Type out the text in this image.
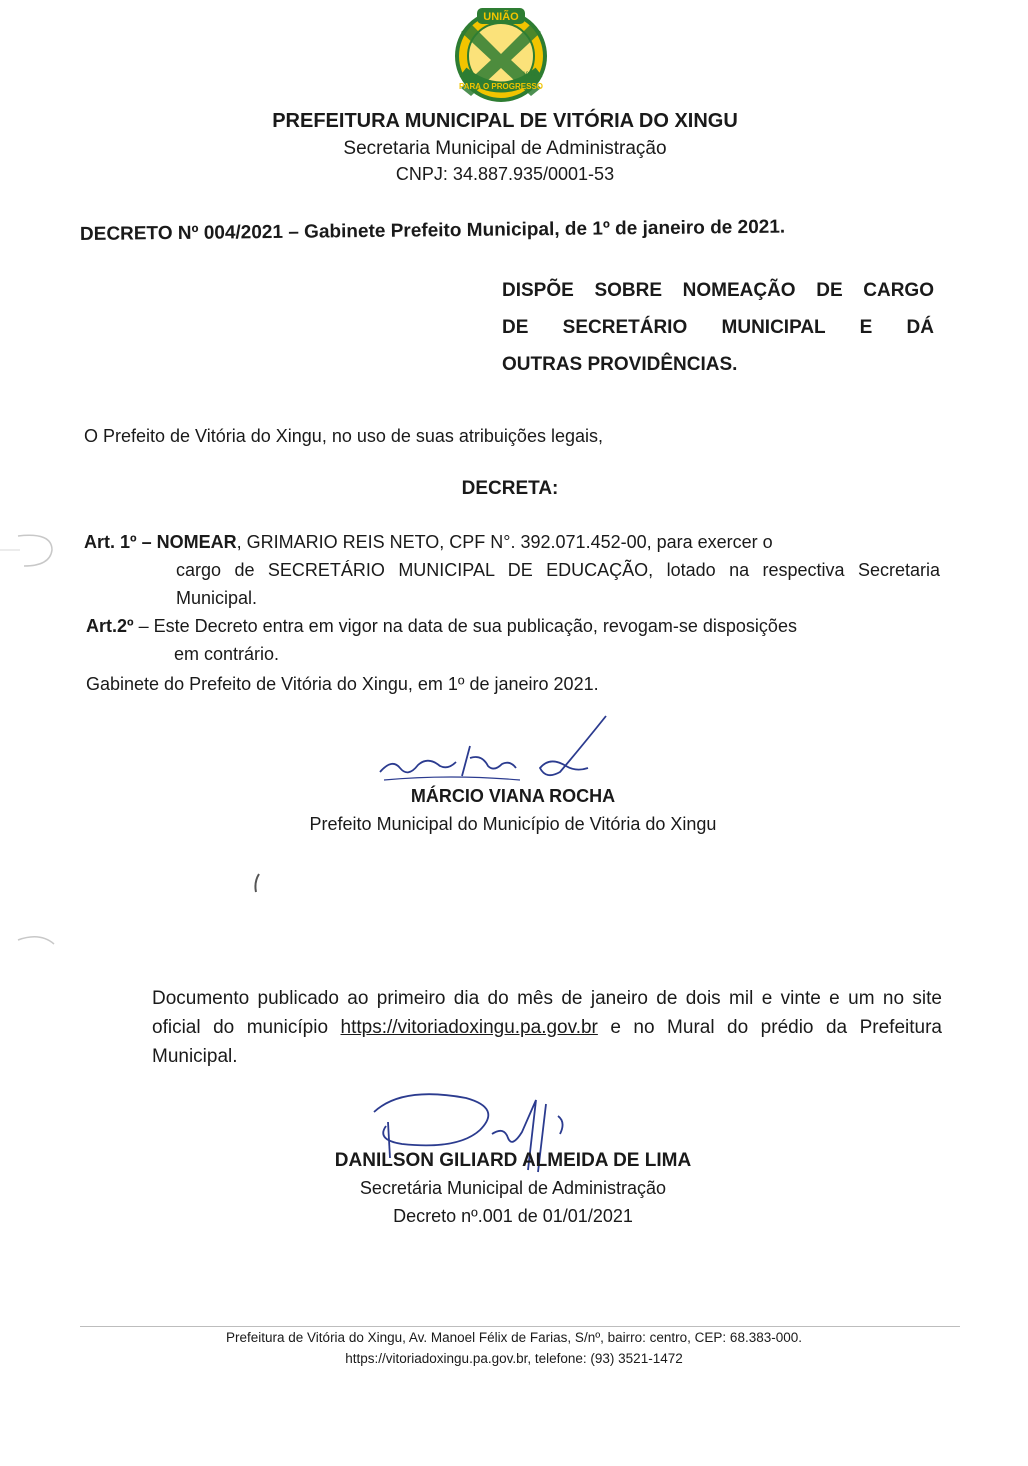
UNIÃO
PARA O PROGRESSO
1993
PREFEITURA MUNICIPAL DE VITÓRIA DO XINGU
Secretaria Municipal de Administração
CNPJ: 34.887.935/0001-53
DECRETO Nº 004/2021 – Gabinete Prefeito Municipal, de 1º de janeiro de 2021.
DISPÕE SOBRE NOMEAÇÃO DE CARGO
DE SECRETÁRIO MUNICIPAL E DÁ
OUTRAS PROVIDÊNCIAS.
O Prefeito de Vitória do Xingu, no uso de suas atribuições legais,
DECRETA:
Art. 1º – NOMEAR, GRIMARIO REIS NETO, CPF N°. 392.071.452-00, para exercer o
cargo de SECRETÁRIO MUNICIPAL DE EDUCAÇÃO, lotado na respectiva Secretaria Municipal.
Art.2º – Este Decreto entra em vigor na data de sua publicação, revogam-se disposições
em contrário.
Gabinete do Prefeito de Vitória do Xingu, em 1º de janeiro 2021.
MÁRCIO VIANA ROCHA
Prefeito Municipal do Município de Vitória do Xingu
Documento publicado ao primeiro dia do mês de janeiro de dois mil e vinte e um no site oficial do município https://vitoriadoxingu.pa.gov.br e no Mural do prédio da Prefeitura Municipal.
DANILSON GILIARD ALMEIDA DE LIMA
Secretária Municipal de Administração
Decreto nº.001 de 01/01/2021
Prefeitura de Vitória do Xingu, Av. Manoel Félix de Farias, S/nº, bairro: centro, CEP: 68.383-000.
https://vitoriadoxingu.pa.gov.br, telefone: (93) 3521-1472
